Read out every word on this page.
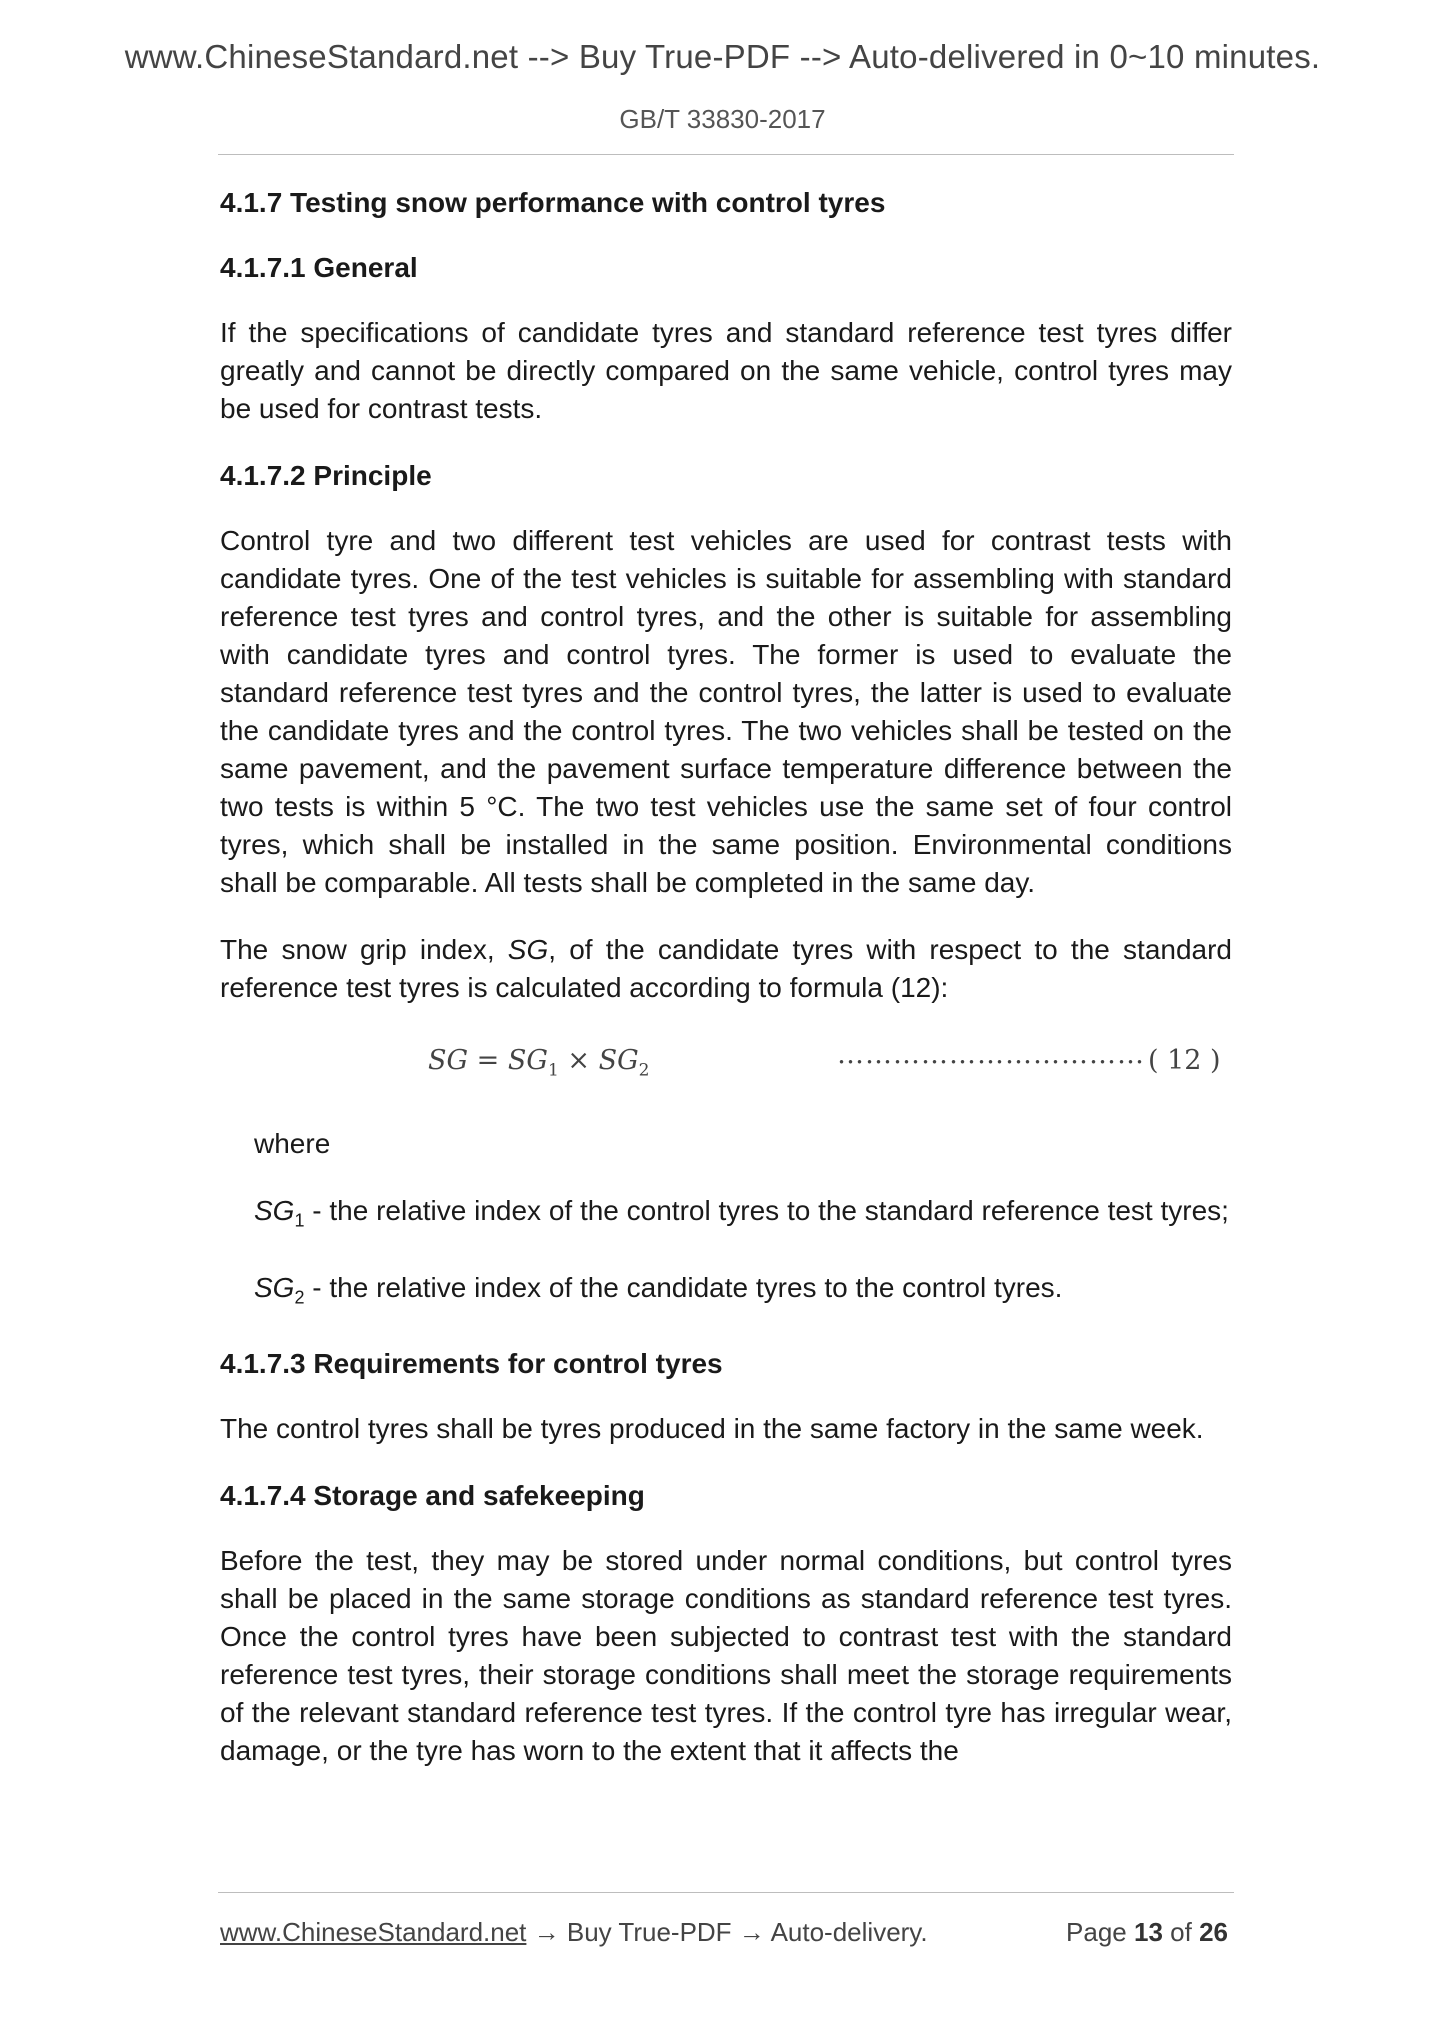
www.ChineseStandard.net --> Buy True-PDF --> Auto-delivered in 0~10 minutes.
GB/T 33830-2017
4.1.7 Testing snow performance with control tyres
4.1.7.1 General
If the specifications of candidate tyres and standard reference test tyres differ greatly and cannot be directly compared on the same vehicle, control tyres may be used for contrast tests.
4.1.7.2 Principle
Control tyre and two different test vehicles are used for contrast tests with candidate tyres. One of the test vehicles is suitable for assembling with standard reference test tyres and control tyres, and the other is suitable for assembling with candidate tyres and control tyres. The former is used to evaluate the standard reference test tyres and the control tyres, the latter is used to evaluate the candidate tyres and the control tyres. The two vehicles shall be tested on the same pavement, and the pavement surface temperature difference between the two tests is within 5 °C. The two test vehicles use the same set of four control tyres, which shall be installed in the same position. Environmental conditions shall be comparable. All tests shall be completed in the same day.
The snow grip index, SG, of the candidate tyres with respect to the standard reference test tyres is calculated according to formula (12):
SG = $SG_1 \times SG_2$
…………………………… ( 12 )
where
$SG_1$ - the relative index of the control tyres to the standard reference test tyres;
$SG_2$ - the relative index of the candidate tyres to the control tyres.
4.1.7.3 Requirements for control tyres
The control tyres shall be tyres produced in the same factory in the same week.
4.1.7.4 Storage and safekeeping
Before the test, they may be stored under normal conditions, but control tyres shall be placed in the same storage conditions as standard reference test tyres. Once the control tyres have been subjected to contrast test with the standard reference test tyres, their storage conditions shall meet the storage requirements of the relevant standard reference test tyres. If the control tyre has irregular wear, damage, or the tyre has worn to the extent that it affects the
www.ChineseStandard.net → Buy True-PDF → Auto-delivery.	Page 13 of 26
